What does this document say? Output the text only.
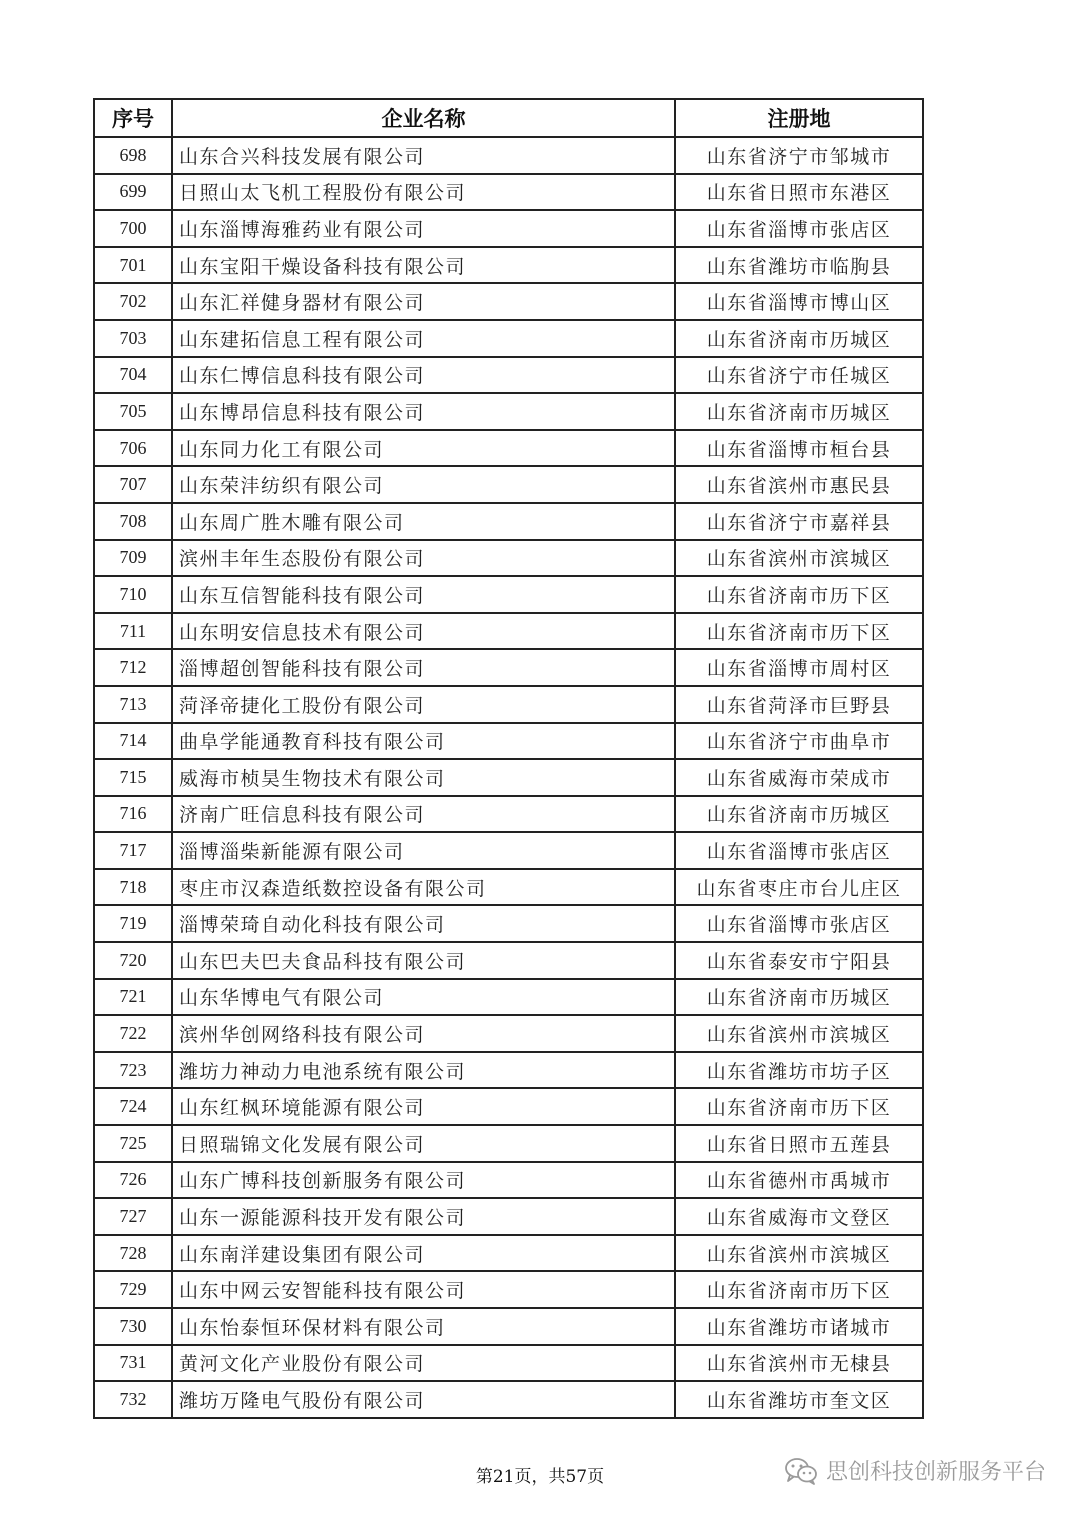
序号	企业名称	注册地
698	山东合兴科技发展有限公司	山东省济宁市邹城市
699	日照山太飞机工程股份有限公司	山东省日照市东港区
700	山东淄博海雅药业有限公司	山东省淄博市张店区
701	山东宝阳干燥设备科技有限公司	山东省潍坊市临朐县
702	山东汇祥健身器材有限公司	山东省淄博市博山区
703	山东建拓信息工程有限公司	山东省济南市历城区
704	山东仁博信息科技有限公司	山东省济宁市任城区
705	山东博昂信息科技有限公司	山东省济南市历城区
706	山东同力化工有限公司	山东省淄博市桓台县
707	山东荣沣纺织有限公司	山东省滨州市惠民县
708	山东周广胜木雕有限公司	山东省济宁市嘉祥县
709	滨州丰年生态股份有限公司	山东省滨州市滨城区
710	山东互信智能科技有限公司	山东省济南市历下区
711	山东明安信息技术有限公司	山东省济南市历下区
712	淄博超创智能科技有限公司	山东省淄博市周村区
713	菏泽帝捷化工股份有限公司	山东省菏泽市巨野县
714	曲阜学能通教育科技有限公司	山东省济宁市曲阜市
715	威海市桢昊生物技术有限公司	山东省威海市荣成市
716	济南广旺信息科技有限公司	山东省济南市历城区
717	淄博淄柴新能源有限公司	山东省淄博市张店区
718	枣庄市汉森造纸数控设备有限公司	山东省枣庄市台儿庄区
719	淄博荣琦自动化科技有限公司	山东省淄博市张店区
720	山东巴夫巴夫食品科技有限公司	山东省泰安市宁阳县
721	山东华博电气有限公司	山东省济南市历城区
722	滨州华创网络科技有限公司	山东省滨州市滨城区
723	潍坊力神动力电池系统有限公司	山东省潍坊市坊子区
724	山东红枫环境能源有限公司	山东省济南市历下区
725	日照瑞锦文化发展有限公司	山东省日照市五莲县
726	山东广博科技创新服务有限公司	山东省德州市禹城市
727	山东一源能源科技开发有限公司	山东省威海市文登区
728	山东南洋建设集团有限公司	山东省滨州市滨城区
729	山东中网云安智能科技有限公司	山东省济南市历下区
730	山东怡泰恒环保材料有限公司	山东省潍坊市诸城市
731	黄河文化产业股份有限公司	山东省滨州市无棣县
732	潍坊万隆电气股份有限公司	山东省潍坊市奎文区
第21页，共57页	思创科技创新服务平台
